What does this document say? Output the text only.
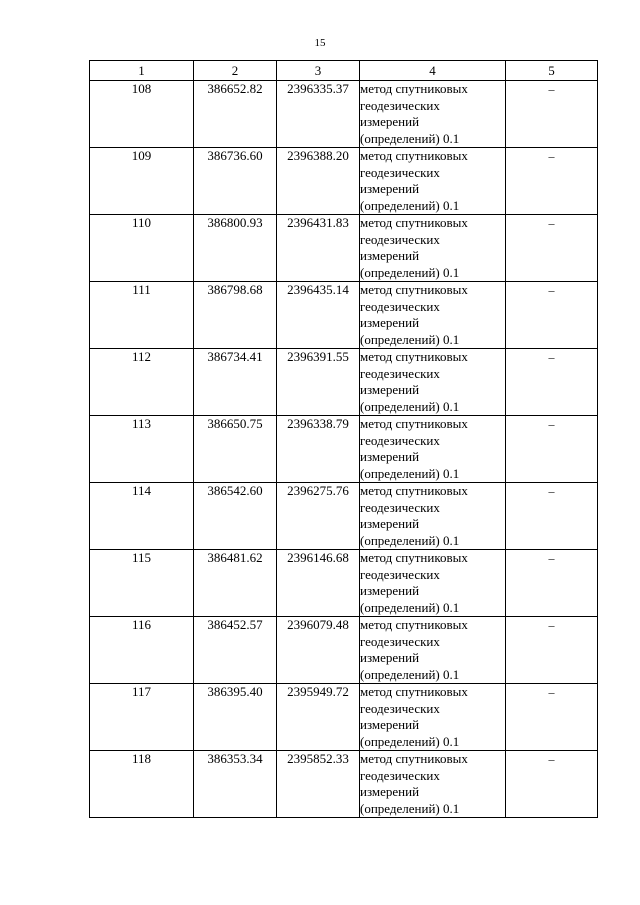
15
1	2	3	4	5
108	386652.82	2396335.37	метод спутниковых
геодезических
измерений
(определений) 0.1	–
109	386736.60	2396388.20	метод спутниковых
геодезических
измерений
(определений) 0.1	–
110	386800.93	2396431.83	метод спутниковых
геодезических
измерений
(определений) 0.1	–
111	386798.68	2396435.14	метод спутниковых
геодезических
измерений
(определений) 0.1	–
112	386734.41	2396391.55	метод спутниковых
геодезических
измерений
(определений) 0.1	–
113	386650.75	2396338.79	метод спутниковых
геодезических
измерений
(определений) 0.1	–
114	386542.60	2396275.76	метод спутниковых
геодезических
измерений
(определений) 0.1	–
115	386481.62	2396146.68	метод спутниковых
геодезических
измерений
(определений) 0.1	–
116	386452.57	2396079.48	метод спутниковых
геодезических
измерений
(определений) 0.1	–
117	386395.40	2395949.72	метод спутниковых
геодезических
измерений
(определений) 0.1	–
118	386353.34	2395852.33	метод спутниковых
геодезических
измерений
(определений) 0.1	–
